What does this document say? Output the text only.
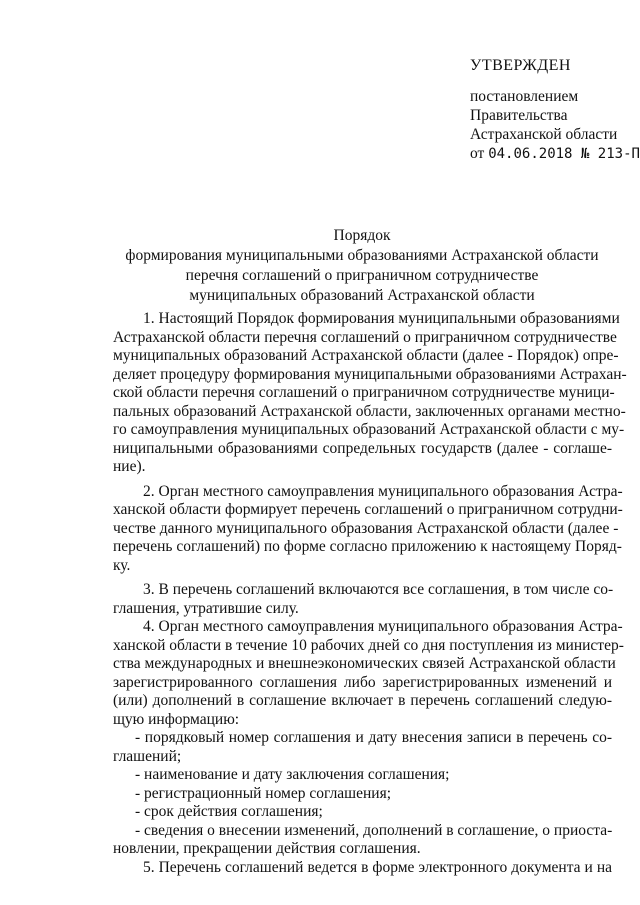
УТВЕРЖДЕН
постановлением
Правительства
Астраханской области
от 04.06.2018 № 213-П
Порядок
формирования муниципальными образованиями Астраханской области
перечня соглашений о приграничном сотрудничестве
муниципальных образований Астраханской области
1. Настоящий Порядок формирования муниципальными образованиями
Астраханской области перечня соглашений о приграничном сотрудничестве
муниципальных образований Астраханской области (далее - Порядок) опре-
деляет процедуру формирования муниципальными образованиями Астрахан-
ской области перечня соглашений о приграничном сотрудничестве муници-
пальных образований Астраханской области, заключенных органами местно-
го самоуправления муниципальных образований Астраханской области с му-
ниципальными образованиями сопредельных государств (далее - соглаше-
ние).
2. Орган местного самоуправления муниципального образования Астра-
ханской области формирует перечень соглашений о приграничном сотрудни-
честве данного муниципального образования Астраханской области (далее -
перечень соглашений) по форме согласно приложению к настоящему Поряд-
ку.
3. В перечень соглашений включаются все соглашения, в том числе со-
глашения, утратившие силу.
4. Орган местного самоуправления муниципального образования Астра-
ханской области в течение 10 рабочих дней со дня поступления из министер-
ства международных и внешнеэкономических связей Астраханской области
зарегистрированного соглашения либо зарегистрированных изменений и
(или) дополнений в соглашение включает в перечень соглашений следую-
щую информацию:
- порядковый номер соглашения и дату внесения записи в перечень со-
глашений;
- наименование и дату заключения соглашения;
- регистрационный номер соглашения;
- срок действия соглашения;
- сведения о внесении изменений, дополнений в соглашение, о приоста-
новлении, прекращении действия соглашения.
5. Перечень соглашений ведется в форме электронного документа и на
